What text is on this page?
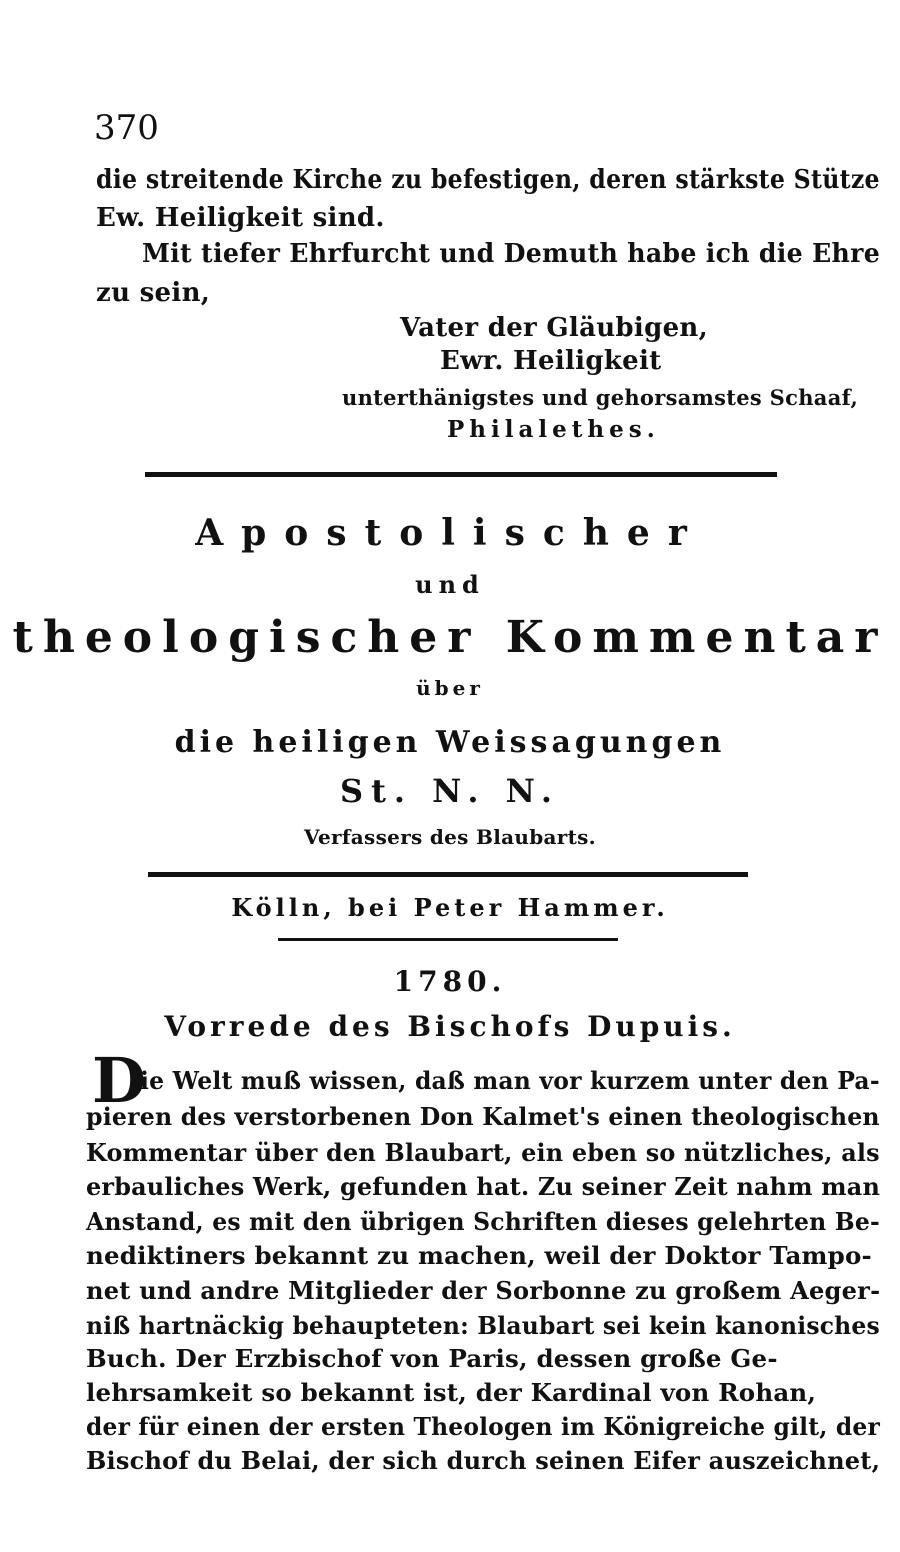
370
die streitende Kirche zu befestigen, deren stärkste Stütze
Ew. Heiligkeit sind.
Mit tiefer Ehrfurcht und Demuth habe ich die Ehre
zu sein,
Vater der Gläubigen,
Ewr. Heiligkeit
unterthänigstes und gehorsamstes Schaaf,
Philalethes.
Apostolischer
und
theologischer Kommentar
über
die heiligen Weissagungen
St. N. N.
Verfassers des Blaubarts.
Kölln, bei Peter Hammer.
1780.
Vorrede des Bischofs Dupuis.
D
ie Welt muß wissen, daß man vor kurzem unter den Pa-
pieren des verstorbenen Don Kalmet's einen theologischen
Kommentar über den Blaubart, ein eben so nützliches, als
erbauliches Werk, gefunden hat. Zu seiner Zeit nahm man
Anstand, es mit den übrigen Schriften dieses gelehrten Be-
nediktiners bekannt zu machen, weil der Doktor Tampo-
net und andre Mitglieder der Sorbonne zu großem Aeger-
niß hartnäckig behaupteten: Blaubart sei kein kanonisches
Buch. Der Erzbischof von Paris, dessen große Ge-
lehrsamkeit so bekannt ist, der Kardinal von Rohan,
der für einen der ersten Theologen im Königreiche gilt, der
Bischof du Belai, der sich durch seinen Eifer auszeichnet,
